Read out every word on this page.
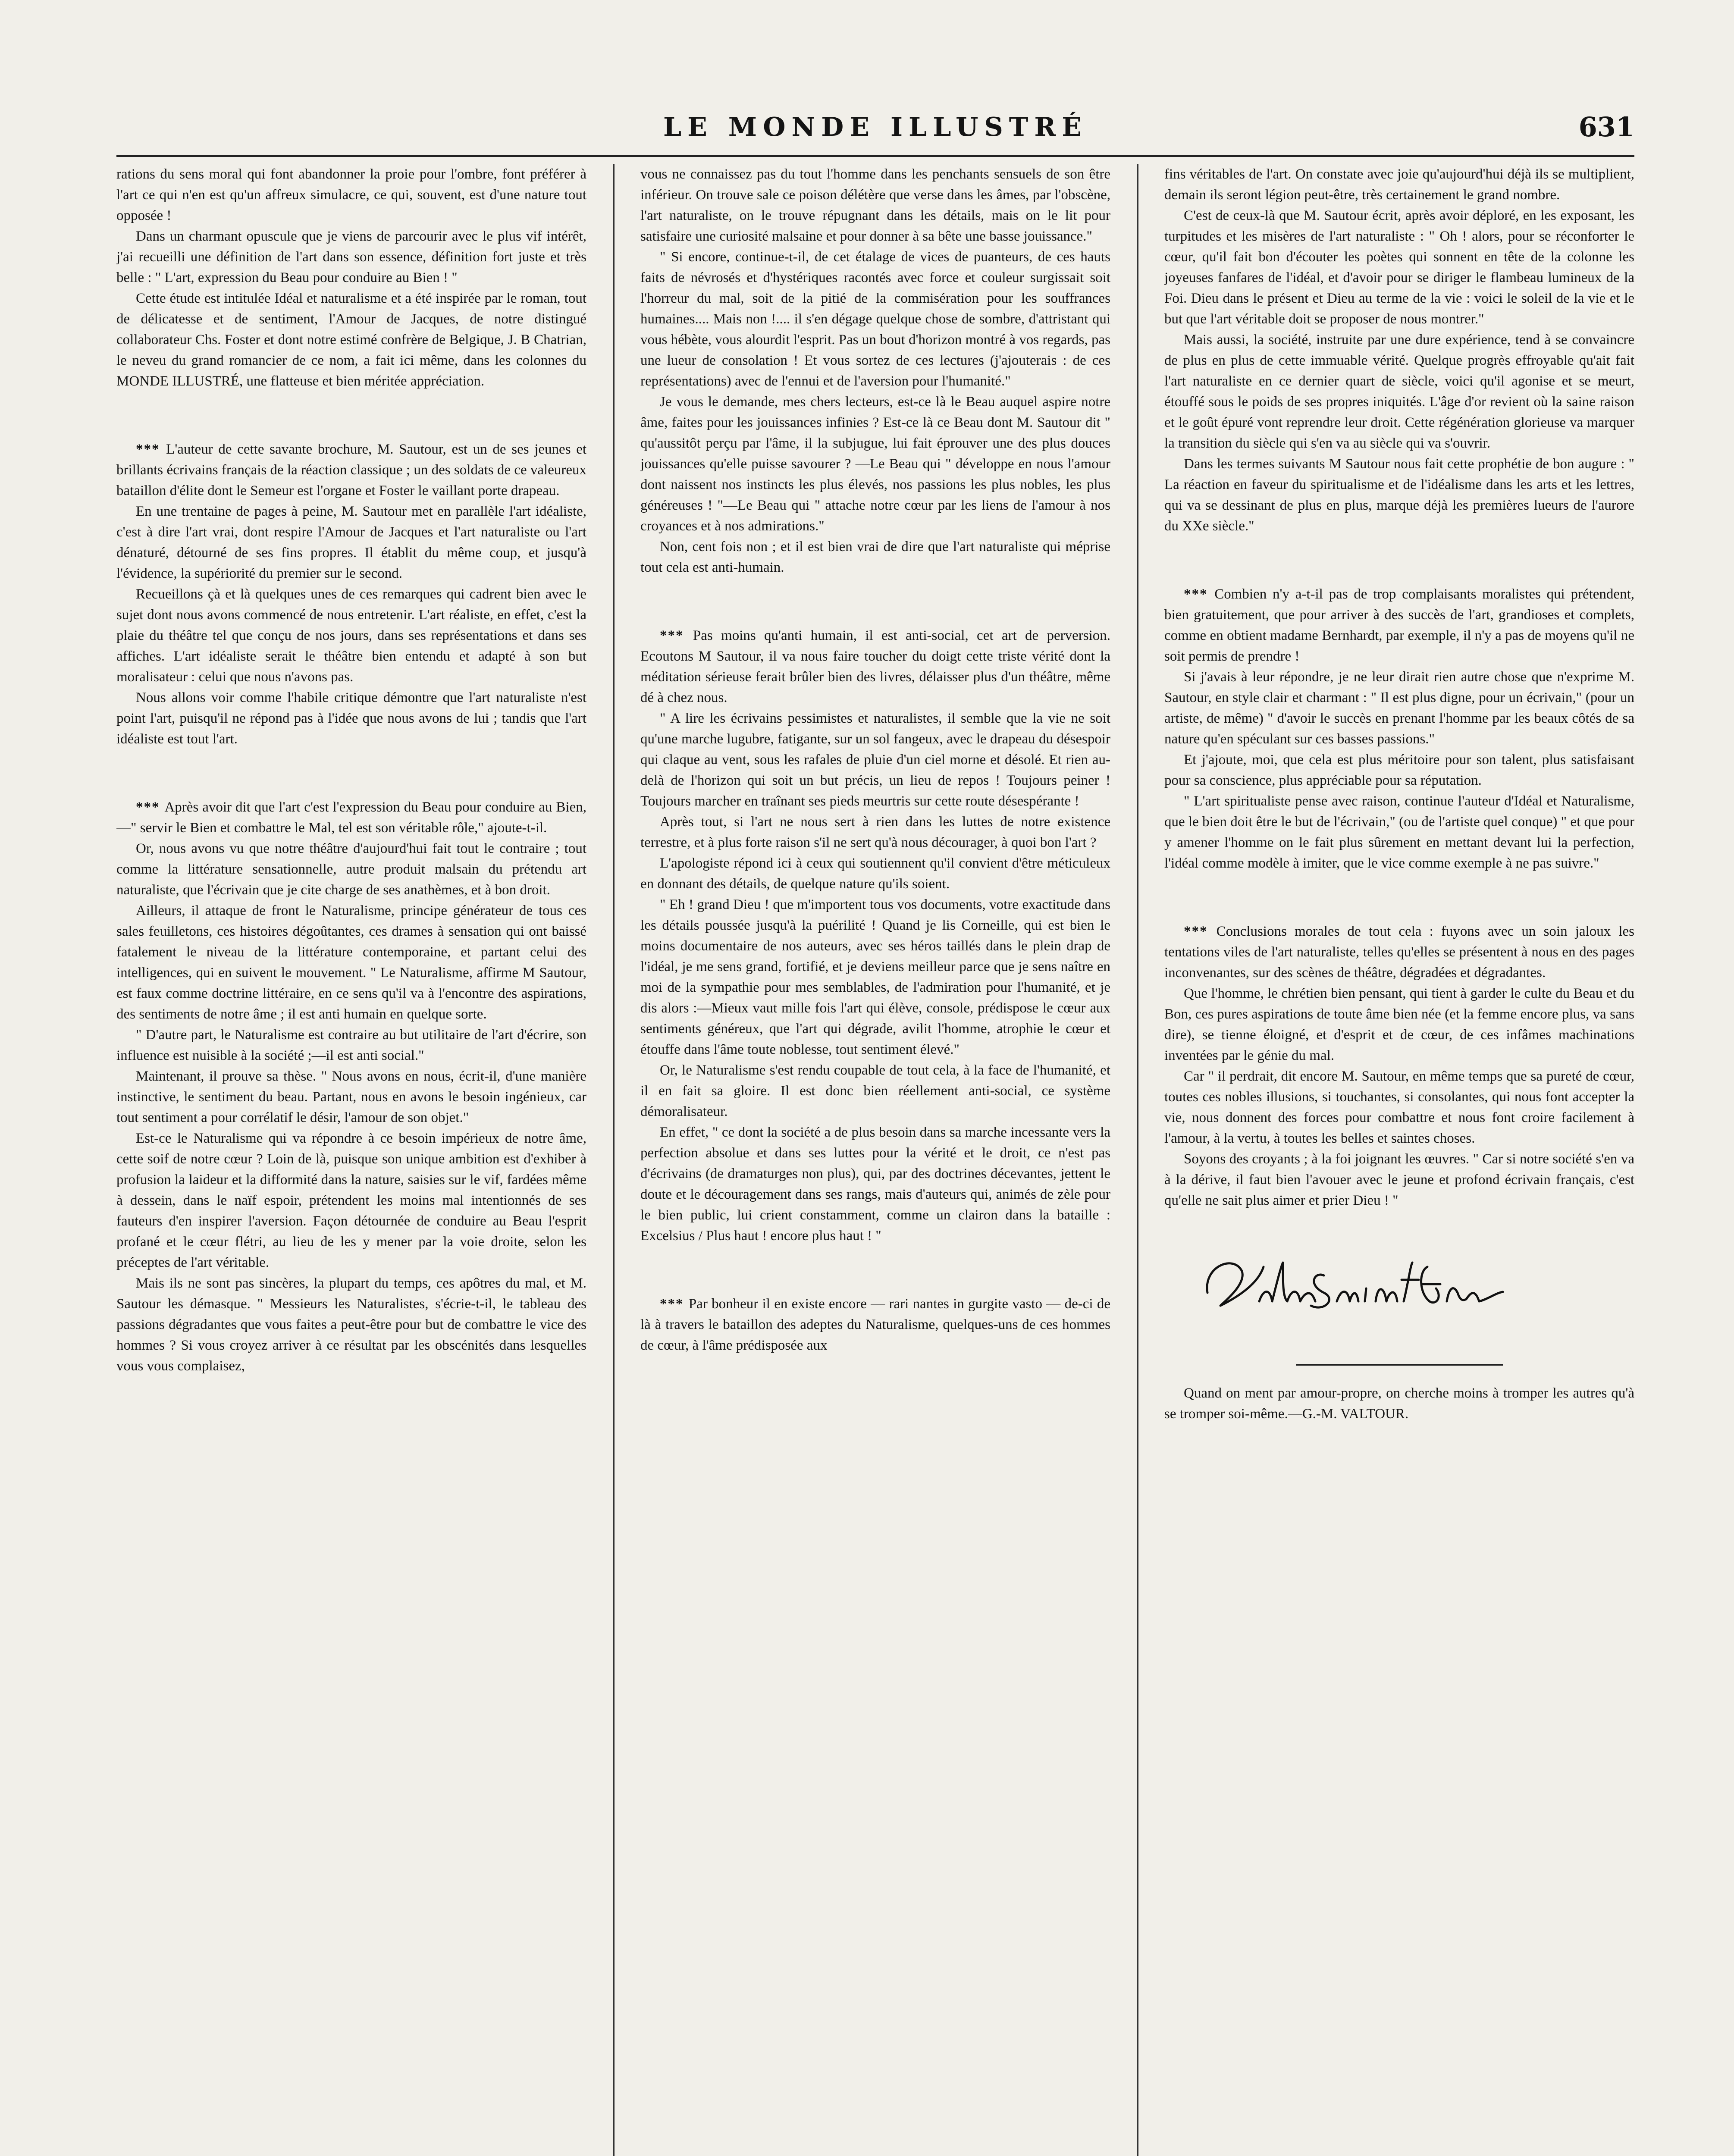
LE MONDE ILLUSTRÉ	631

rations du sens moral qui font abandonner la proie pour l'ombre, font préférer à l'art ce qui n'en est qu'un affreux simulacre, ce qui, souvent, est d'une nature tout opposée !

Dans un charmant opuscule que je viens de parcourir avec le plus vif intérêt, j'ai recueilli une définition de l'art dans son essence, définition fort juste et très belle : " L'art, expression du Beau pour conduire au Bien ! "

Cette étude est intitulée Idéal et naturalisme et a été inspirée par le roman, tout de délicatesse et de sentiment, l'Amour de Jacques, de notre distingué collaborateur Chs. Foster et dont notre estimé confrère de Belgique, J. B Chatrian, le neveu du grand romancier de ce nom, a fait ici même, dans les colonnes du MONDE ILLUSTRÉ, une flatteuse et bien méritée appréciation.

*** L'auteur de cette savante brochure, M. Sautour, est un de ses jeunes et brillants écrivains français de la réaction classique ; un des soldats de ce valeureux bataillon d'élite dont le Semeur est l'organe et Foster le vaillant porte drapeau.

En une trentaine de pages à peine, M. Sautour met en parallèle l'art idéaliste, c'est à dire l'art vrai, dont respire l'Amour de Jacques et l'art naturaliste ou l'art dénaturé, détourné de ses fins propres. Il établit du même coup, et jusqu'à l'évidence, la supériorité du premier sur le second.

Recueillons çà et là quelques unes de ces remarques qui cadrent bien avec le sujet dont nous avons commencé de nous entretenir. L'art réaliste, en effet, c'est la plaie du théâtre tel que conçu de nos jours, dans ses représentations et dans ses affiches. L'art idéaliste serait le théâtre bien entendu et adapté à son but moralisateur : celui que nous n'avons pas.

Nous allons voir comme l'habile critique démontre que l'art naturaliste n'est point l'art, puisqu'il ne répond pas à l'idée que nous avons de lui ; tandis que l'art idéaliste est tout l'art.

*** Après avoir dit que l'art c'est l'expression du Beau pour conduire au Bien,—" servir le Bien et combattre le Mal, tel est son véritable rôle," ajoute-t-il.

Or, nous avons vu que notre théâtre d'aujourd'hui fait tout le contraire ; tout comme la littérature sensationnelle, autre produit malsain du prétendu art naturaliste, que l'écrivain que je cite charge de ses anathèmes, et à bon droit.

Ailleurs, il attaque de front le Naturalisme, principe générateur de tous ces sales feuilletons, ces histoires dégoûtantes, ces drames à sensation qui ont baissé fatalement le niveau de la littérature contemporaine, et partant celui des intelligences, qui en suivent le mouvement. " Le Naturalisme, affirme M Sautour, est faux comme doctrine littéraire, en ce sens qu'il va à l'encontre des aspirations, des sentiments de notre âme ; il est anti humain en quelque sorte.

" D'autre part, le Naturalisme est contraire au but utilitaire de l'art d'écrire, son influence est nuisible à la société ;—il est anti social."

Maintenant, il prouve sa thèse. " Nous avons en nous, écrit-il, d'une manière instinctive, le sentiment du beau. Partant, nous en avons le besoin ingénieux, car tout sentiment a pour corrélatif le désir, l'amour de son objet."

Est-ce le Naturalisme qui va répondre à ce besoin impérieux de notre âme, cette soif de notre cœur ? Loin de là, puisque son unique ambition est d'exhiber à profusion la laideur et la difformité dans la nature, saisies sur le vif, fardées même à dessein, dans le naïf espoir, prétendent les moins mal intentionnés de ses fauteurs d'en inspirer l'aversion. Façon détournée de conduire au Beau l'esprit profané et le cœur flétri, au lieu de les y mener par la voie droite, selon les préceptes de l'art véritable.

Mais ils ne sont pas sincères, la plupart du temps, ces apôtres du mal, et M. Sautour les démasque. " Messieurs les Naturalistes, s'écrie-t-il, le tableau des passions dégradantes que vous faites a peut-être pour but de combattre le vice des hommes ? Si vous croyez arriver à ce résultat par les obscénités dans lesquelles vous vous complaisez,

vous ne connaissez pas du tout l'homme dans les penchants sensuels de son être inférieur. On trouve sale ce poison délétère que verse dans les âmes, par l'obscène, l'art naturaliste, on le trouve répugnant dans les détails, mais on le lit pour satisfaire une curiosité malsaine et pour donner à sa bête une basse jouissance."

" Si encore, continue-t-il, de cet étalage de vices de puanteurs, de ces hauts faits de névrosés et d'hystériques racontés avec force et couleur surgissait soit l'horreur du mal, soit de la pitié de la commisération pour les souffrances humaines.... Mais non !.... il s'en dégage quelque chose de sombre, d'attristant qui vous hébète, vous alourdit l'esprit. Pas un bout d'horizon montré à vos regards, pas une lueur de consolation ! Et vous sortez de ces lectures (j'ajouterais : de ces représentations) avec de l'ennui et de l'aversion pour l'humanité."

Je vous le demande, mes chers lecteurs, est-ce là le Beau auquel aspire notre âme, faites pour les jouissances infinies ? Est-ce là ce Beau dont M. Sautour dit " qu'aussitôt perçu par l'âme, il la subjugue, lui fait éprouver une des plus douces jouissances qu'elle puisse savourer ? —Le Beau qui " développe en nous l'amour dont naissent nos instincts les plus élevés, nos passions les plus nobles, les plus généreuses ! "—Le Beau qui " attache notre cœur par les liens de l'amour à nos croyances et à nos admirations."

Non, cent fois non ; et il est bien vrai de dire que l'art naturaliste qui méprise tout cela est anti-humain.

*** Pas moins qu'anti humain, il est anti-social, cet art de perversion. Ecoutons M Sautour, il va nous faire toucher du doigt cette triste vérité dont la méditation sérieuse ferait brûler bien des livres, délaisser plus d'un théâtre, même dé à chez nous.

" A lire les écrivains pessimistes et naturalistes, il semble que la vie ne soit qu'une marche lugubre, fatigante, sur un sol fangeux, avec le drapeau du désespoir qui claque au vent, sous les rafales de pluie d'un ciel morne et désolé. Et rien au-delà de l'horizon qui soit un but précis, un lieu de repos ! Toujours peiner ! Toujours marcher en traînant ses pieds meurtris sur cette route désespérante !

Après tout, si l'art ne nous sert à rien dans les luttes de notre existence terrestre, et à plus forte raison s'il ne sert qu'à nous décourager, à quoi bon l'art ?

L'apologiste répond ici à ceux qui soutiennent qu'il convient d'être méticuleux en donnant des détails, de quelque nature qu'ils soient.

" Eh ! grand Dieu ! que m'importent tous vos documents, votre exactitude dans les détails poussée jusqu'à la puérilité ! Quand je lis Corneille, qui est bien le moins documentaire de nos auteurs, avec ses héros taillés dans le plein drap de l'idéal, je me sens grand, fortifié, et je deviens meilleur parce que je sens naître en moi de la sympathie pour mes semblables, de l'admiration pour l'humanité, et je dis alors :—Mieux vaut mille fois l'art qui élève, console, prédispose le cœur aux sentiments généreux, que l'art qui dégrade, avilit l'homme, atrophie le cœur et étouffe dans l'âme toute noblesse, tout sentiment élevé."

Or, le Naturalisme s'est rendu coupable de tout cela, à la face de l'humanité, et il en fait sa gloire. Il est donc bien réellement anti-social, ce système démoralisateur.

En effet, " ce dont la société a de plus besoin dans sa marche incessante vers la perfection absolue et dans ses luttes pour la vérité et le droit, ce n'est pas d'écrivains (de dramaturges non plus), qui, par des doctrines décevantes, jettent le doute et le découragement dans ses rangs, mais d'auteurs qui, animés de zèle pour le bien public, lui crient constamment, comme un clairon dans la bataille : Excelsius / Plus haut ! encore plus haut ! "

*** Par bonheur il en existe encore — rari nantes in gurgite vasto — de-ci de là à travers le bataillon des adeptes du Naturalisme, quelques-uns de ces hommes de cœur, à l'âme prédisposée aux

fins véritables de l'art. On constate avec joie qu'aujourd'hui déjà ils se multiplient, demain ils seront légion peut-être, très certainement le grand nombre.

C'est de ceux-là que M. Sautour écrit, après avoir déploré, en les exposant, les turpitudes et les misères de l'art naturaliste : " Oh ! alors, pour se réconforter le cœur, qu'il fait bon d'écouter les poètes qui sonnent en tête de la colonne les joyeuses fanfares de l'idéal, et d'avoir pour se diriger le flambeau lumineux de la Foi. Dieu dans le présent et Dieu au terme de la vie : voici le soleil de la vie et le but que l'art véritable doit se proposer de nous montrer."

Mais aussi, la société, instruite par une dure expérience, tend à se convaincre de plus en plus de cette immuable vérité. Quelque progrès effroyable qu'ait fait l'art naturaliste en ce dernier quart de siècle, voici qu'il agonise et se meurt, étouffé sous le poids de ses propres iniquités. L'âge d'or revient où la saine raison et le goût épuré vont reprendre leur droit. Cette régénération glorieuse va marquer la transition du siècle qui s'en va au siècle qui va s'ouvrir.

Dans les termes suivants M Sautour nous fait cette prophétie de bon augure : " La réaction en faveur du spiritualisme et de l'idéalisme dans les arts et les lettres, qui va se dessinant de plus en plus, marque déjà les premières lueurs de l'aurore du XXe siècle."

*** Combien n'y a-t-il pas de trop complaisants moralistes qui prétendent, bien gratuitement, que pour arriver à des succès de l'art, grandioses et complets, comme en obtient madame Bernhardt, par exemple, il n'y a pas de moyens qu'il ne soit permis de prendre !

Si j'avais à leur répondre, je ne leur dirait rien autre chose que n'exprime M. Sautour, en style clair et charmant : " Il est plus digne, pour un écrivain," (pour un artiste, de même) " d'avoir le succès en prenant l'homme par les beaux côtés de sa nature qu'en spéculant sur ces basses passions."

Et j'ajoute, moi, que cela est plus méritoire pour son talent, plus satisfaisant pour sa conscience, plus appréciable pour sa réputation.

" L'art spiritualiste pense avec raison, continue l'auteur d'Idéal et Naturalisme, que le bien doit être le but de l'écrivain," (ou de l'artiste quel conque) " et que pour y amener l'homme on le fait plus sûrement en mettant devant lui la perfection, l'idéal comme modèle à imiter, que le vice comme exemple à ne pas suivre."

*** Conclusions morales de tout cela : fuyons avec un soin jaloux les tentations viles de l'art naturaliste, telles qu'elles se présentent à nous en des pages inconvenantes, sur des scènes de théâtre, dégradées et dégradantes.

Que l'homme, le chrétien bien pensant, qui tient à garder le culte du Beau et du Bon, ces pures aspirations de toute âme bien née (et la femme encore plus, va sans dire), se tienne éloigné, et d'esprit et de cœur, de ces infâmes machinations inventées par le génie du mal.

Car " il perdrait, dit encore M. Sautour, en même temps que sa pureté de cœur, toutes ces nobles illusions, si touchantes, si consolantes, qui nous font accepter la vie, nous donnent des forces pour combattre et nous font croire facilement à l'amour, à la vertu, à toutes les belles et saintes choses.

Soyons des croyants ; à la foi joignant les œuvres. " Car si notre société s'en va à la dérive, il faut bien l'avouer avec le jeune et profond écrivain français, c'est qu'elle ne sait plus aimer et prier Dieu ! "

Quand on ment par amour-propre, on cherche moins à tromper les autres qu'à se tromper soi-même.—G.-M. VALTOUR.
